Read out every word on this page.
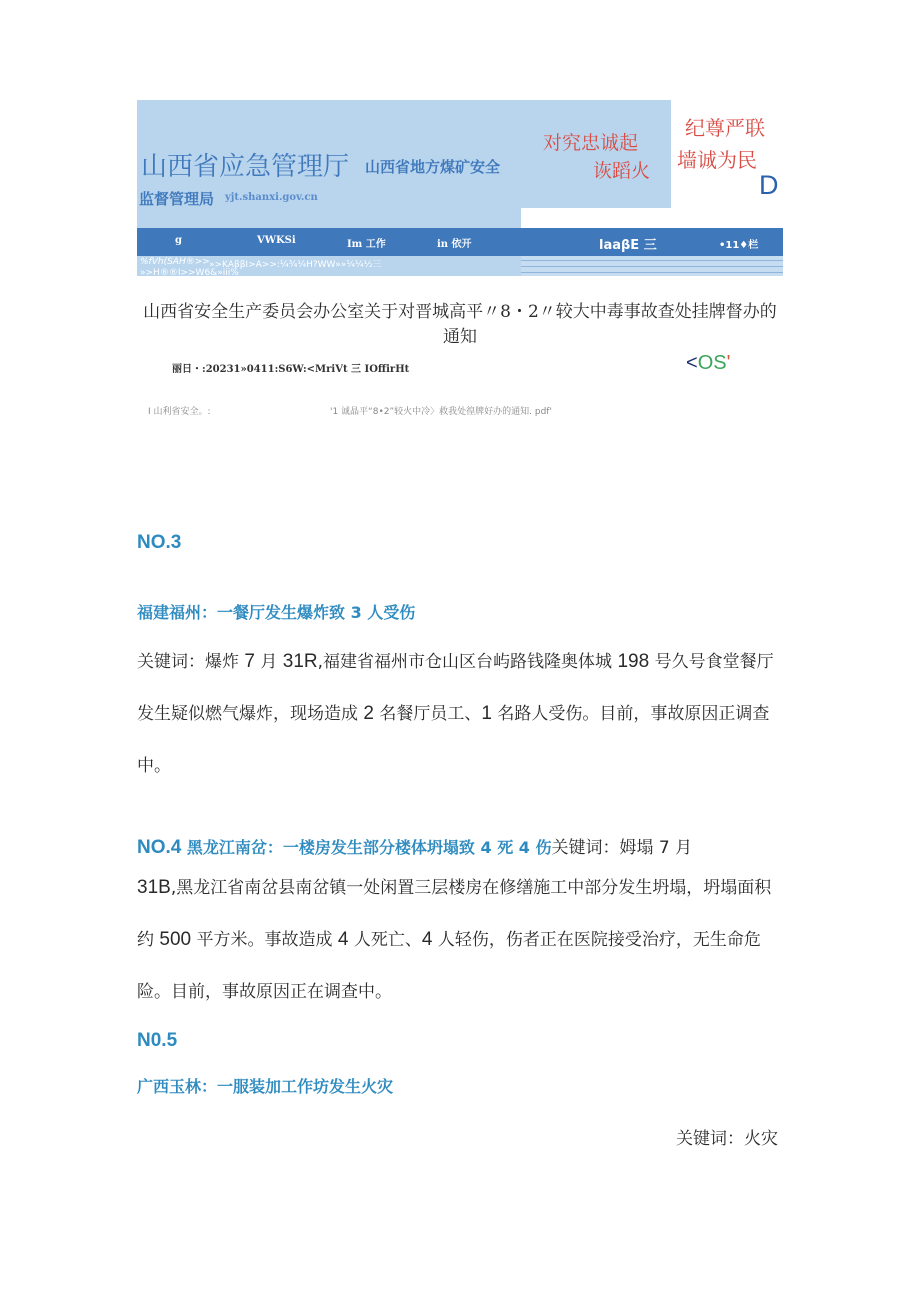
山西省应急管理厅 山西省地方煤矿安全
监督管理局 yjt.shanxi.gov.cn
对究忠诚起
诙蹈火
纪尊严联
墙诚为民
D
g	VWKSi	Im 工作	in 依开	laaβE 三	•11♦栏
%fVh(SAH®>> »>KAββI>A>>:¼¾¼H?WW»»¼¼½三
»>H®®I>>W6&»iii%
山西省安全生产委员会办公室关于对晋城高平〃8・2〃较大中毒事故查处挂牌督办的通知
丽日・:20231»0411:S6W:<MriVt 三 IOffirHt	<OS'
I 山利省安全。:	'1 诚晶平“8•2”较火中冷〉救我处徨牌好办的通知. pdf'
NO.3
福建福州：一餐厅发生爆炸致 3 人受伤
关键词：爆炸 7 月 31R,福建省福州市仓山区台屿路钱隆奥体城 198 号久号食堂餐厅发生疑似燃气爆炸，现场造成 2 名餐厅员工、1 名路人受伤。目前，事故原因正调查中。
NO.4 黑龙江南岔：一楼房发生部分楼体坍塌致 4 死 4 伤关键词：姆塌 7 月
31B,黑龙江省南岔县南岔镇一处闲置三层楼房在修缮施工中部分发生坍塌，坍塌面积约 500 平方米。事故造成 4 人死亡、4 人轻伤，伤者正在医院接受治疗，无生命危险。目前，事故原因正在调查中。
N0.5
广西玉林：一服装加工作坊发生火灾
关键词：火灾
